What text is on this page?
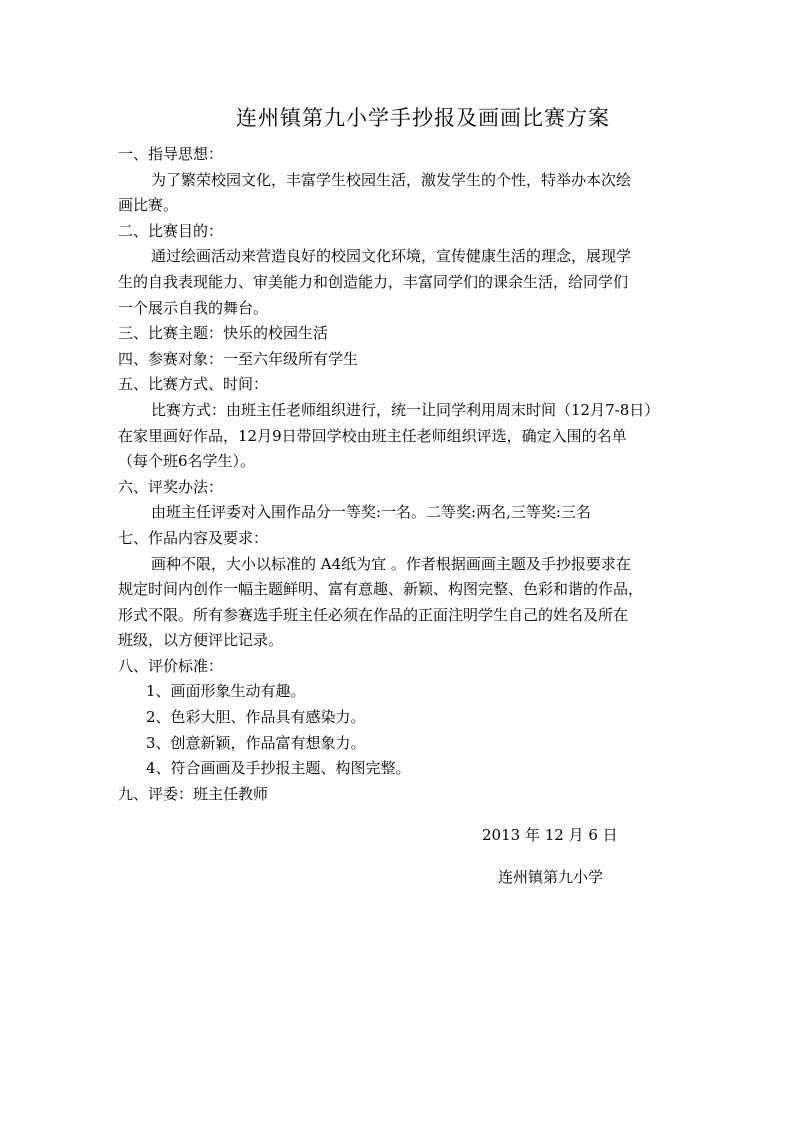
连州镇第九小学手抄报及画画比赛方案
一、指导思想：
为了繁荣校园文化，丰富学生校园生活，激发学生的个性，特举办本次绘
画比赛。
二、比赛目的：
通过绘画活动来营造良好的校园文化环境，宣传健康生活的理念，展现学
生的自我表现能力、审美能力和创造能力，丰富同学们的课余生活，给同学们
一个展示自我的舞台。
三、比赛主题：快乐的校园生活
四、参赛对象：一至六年级所有学生
五、比赛方式、时间：
比赛方式：由班主任老师组织进行，统一让同学利用周末时间（12月7-8日）
在家里画好作品，12月9日带回学校由班主任老师组织评选，确定入围的名单
（每个班6名学生）。
六、评奖办法：
由班主任评委对入围作品分一等奖:一名。二等奖:两名,三等奖:三名
七、作品内容及要求：
画种不限，大小以标准的 A4纸为宜 。作者根据画画主题及手抄报要求在
规定时间内创作一幅主题鲜明、富有意趣、新颖、构图完整、色彩和谐的作品，
形式不限。所有参赛选手班主任必须在作品的正面注明学生自己的姓名及所在
班级，以方便评比记录。
八、评价标准：
1、画面形象生动有趣。
2、色彩大胆、作品具有感染力。
3、创意新颖，作品富有想象力。
4、符合画画及手抄报主题、构图完整。
九、评委：班主任教师
2013 年 12 月 6 日
连州镇第九小学
